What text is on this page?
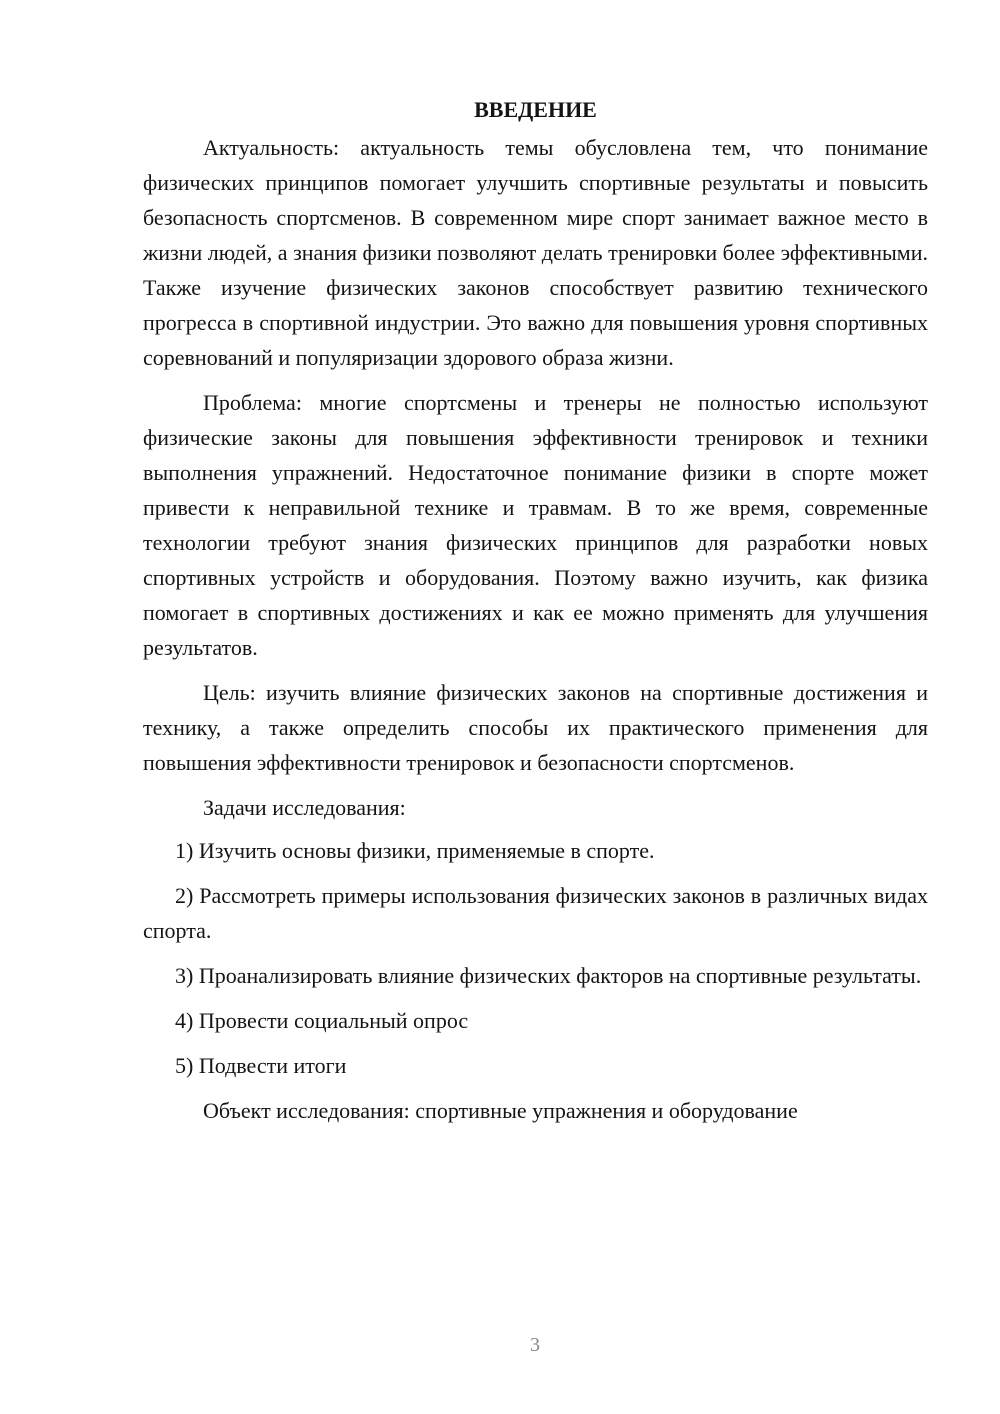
ВВЕДЕНИЕ

Актуальность: актуальность темы обусловлена тем, что понимание физических принципов помогает улучшить спортивные результаты и повысить безопасность спортсменов. В современном мире спорт занимает важное место в жизни людей, а знания физики позволяют делать тренировки более эффективными. Также изучение физических законов способствует развитию технического прогресса в спортивной индустрии. Это важно для повышения уровня спортивных соревнований и популяризации здорового образа жизни.

Проблема: многие спортсмены и тренеры не полностью используют физические законы для повышения эффективности тренировок и техники выполнения упражнений. Недостаточное понимание физики в спорте может привести к неправильной технике и травмам. В то же время, современные технологии требуют знания физических принципов для разработки новых спортивных устройств и оборудования. Поэтому важно изучить, как физика помогает в спортивных достижениях и как ее можно применять для улучшения результатов.

Цель: изучить влияние физических законов на спортивные достижения и технику, а также определить способы их практического применения для повышения эффективности тренировок и безопасности спортсменов.

Задачи исследования:

1) Изучить основы физики, применяемые в спорте.

2) Рассмотреть примеры использования физических законов в различных видах спорта.

3) Проанализировать влияние физических факторов на спортивные результаты.

4) Провести социальный опрос

5) Подвести итоги

Объект исследования: спортивные упражнения и оборудование

3
